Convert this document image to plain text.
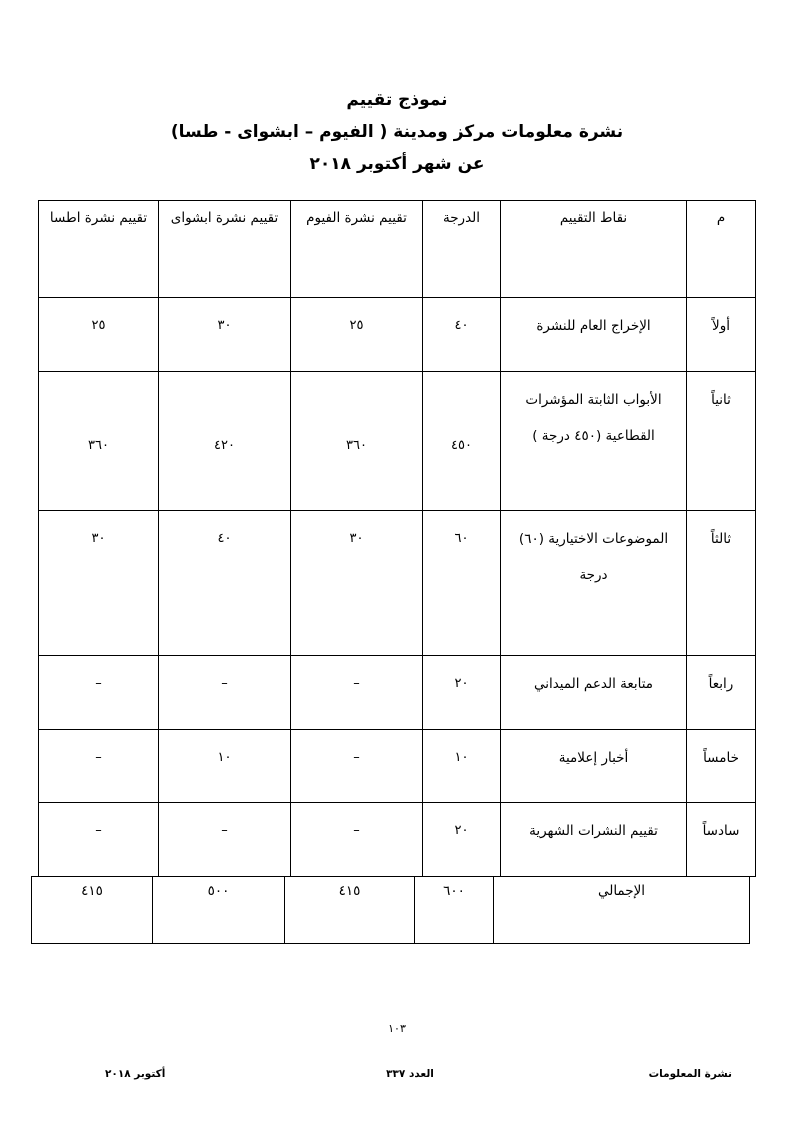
نموذج تقييم
نشرة معلومات مركز ومدينة ( الفيوم – ابشواى - طسا)
عن شهر أكتوبر ٢٠١٨
م	نقاط التقييم	الدرجة	تقييم نشرة الفيوم	تقييم نشرة ابشواى	تقييم نشرة اطسا
أولاً	الإخراج العام للنشرة	٤٠	٢٥	٣٠	٢٥
ثانياً	الأبواب الثابتة المؤشرات القطاعية (٤٥٠ درجة )	٤٥٠	٣٦٠	٤٢٠	٣٦٠
ثالثاً	الموضوعات الاختيارية (٦٠) درجة	٦٠	٣٠	٤٠	٣٠
رابعاً	متابعة الدعم الميداني	٢٠	–	–	–
خامساً	أخبار إعلامية	١٠	–	١٠	–
سادساً	تقييم النشرات الشهرية	٢٠	–	–	–
الإجمالي	٦٠٠	٤١٥	٥٠٠	٤١٥
١٠٣
نشرة المعلومات
العدد ٣٣٧
أكتوبر ٢٠١٨
